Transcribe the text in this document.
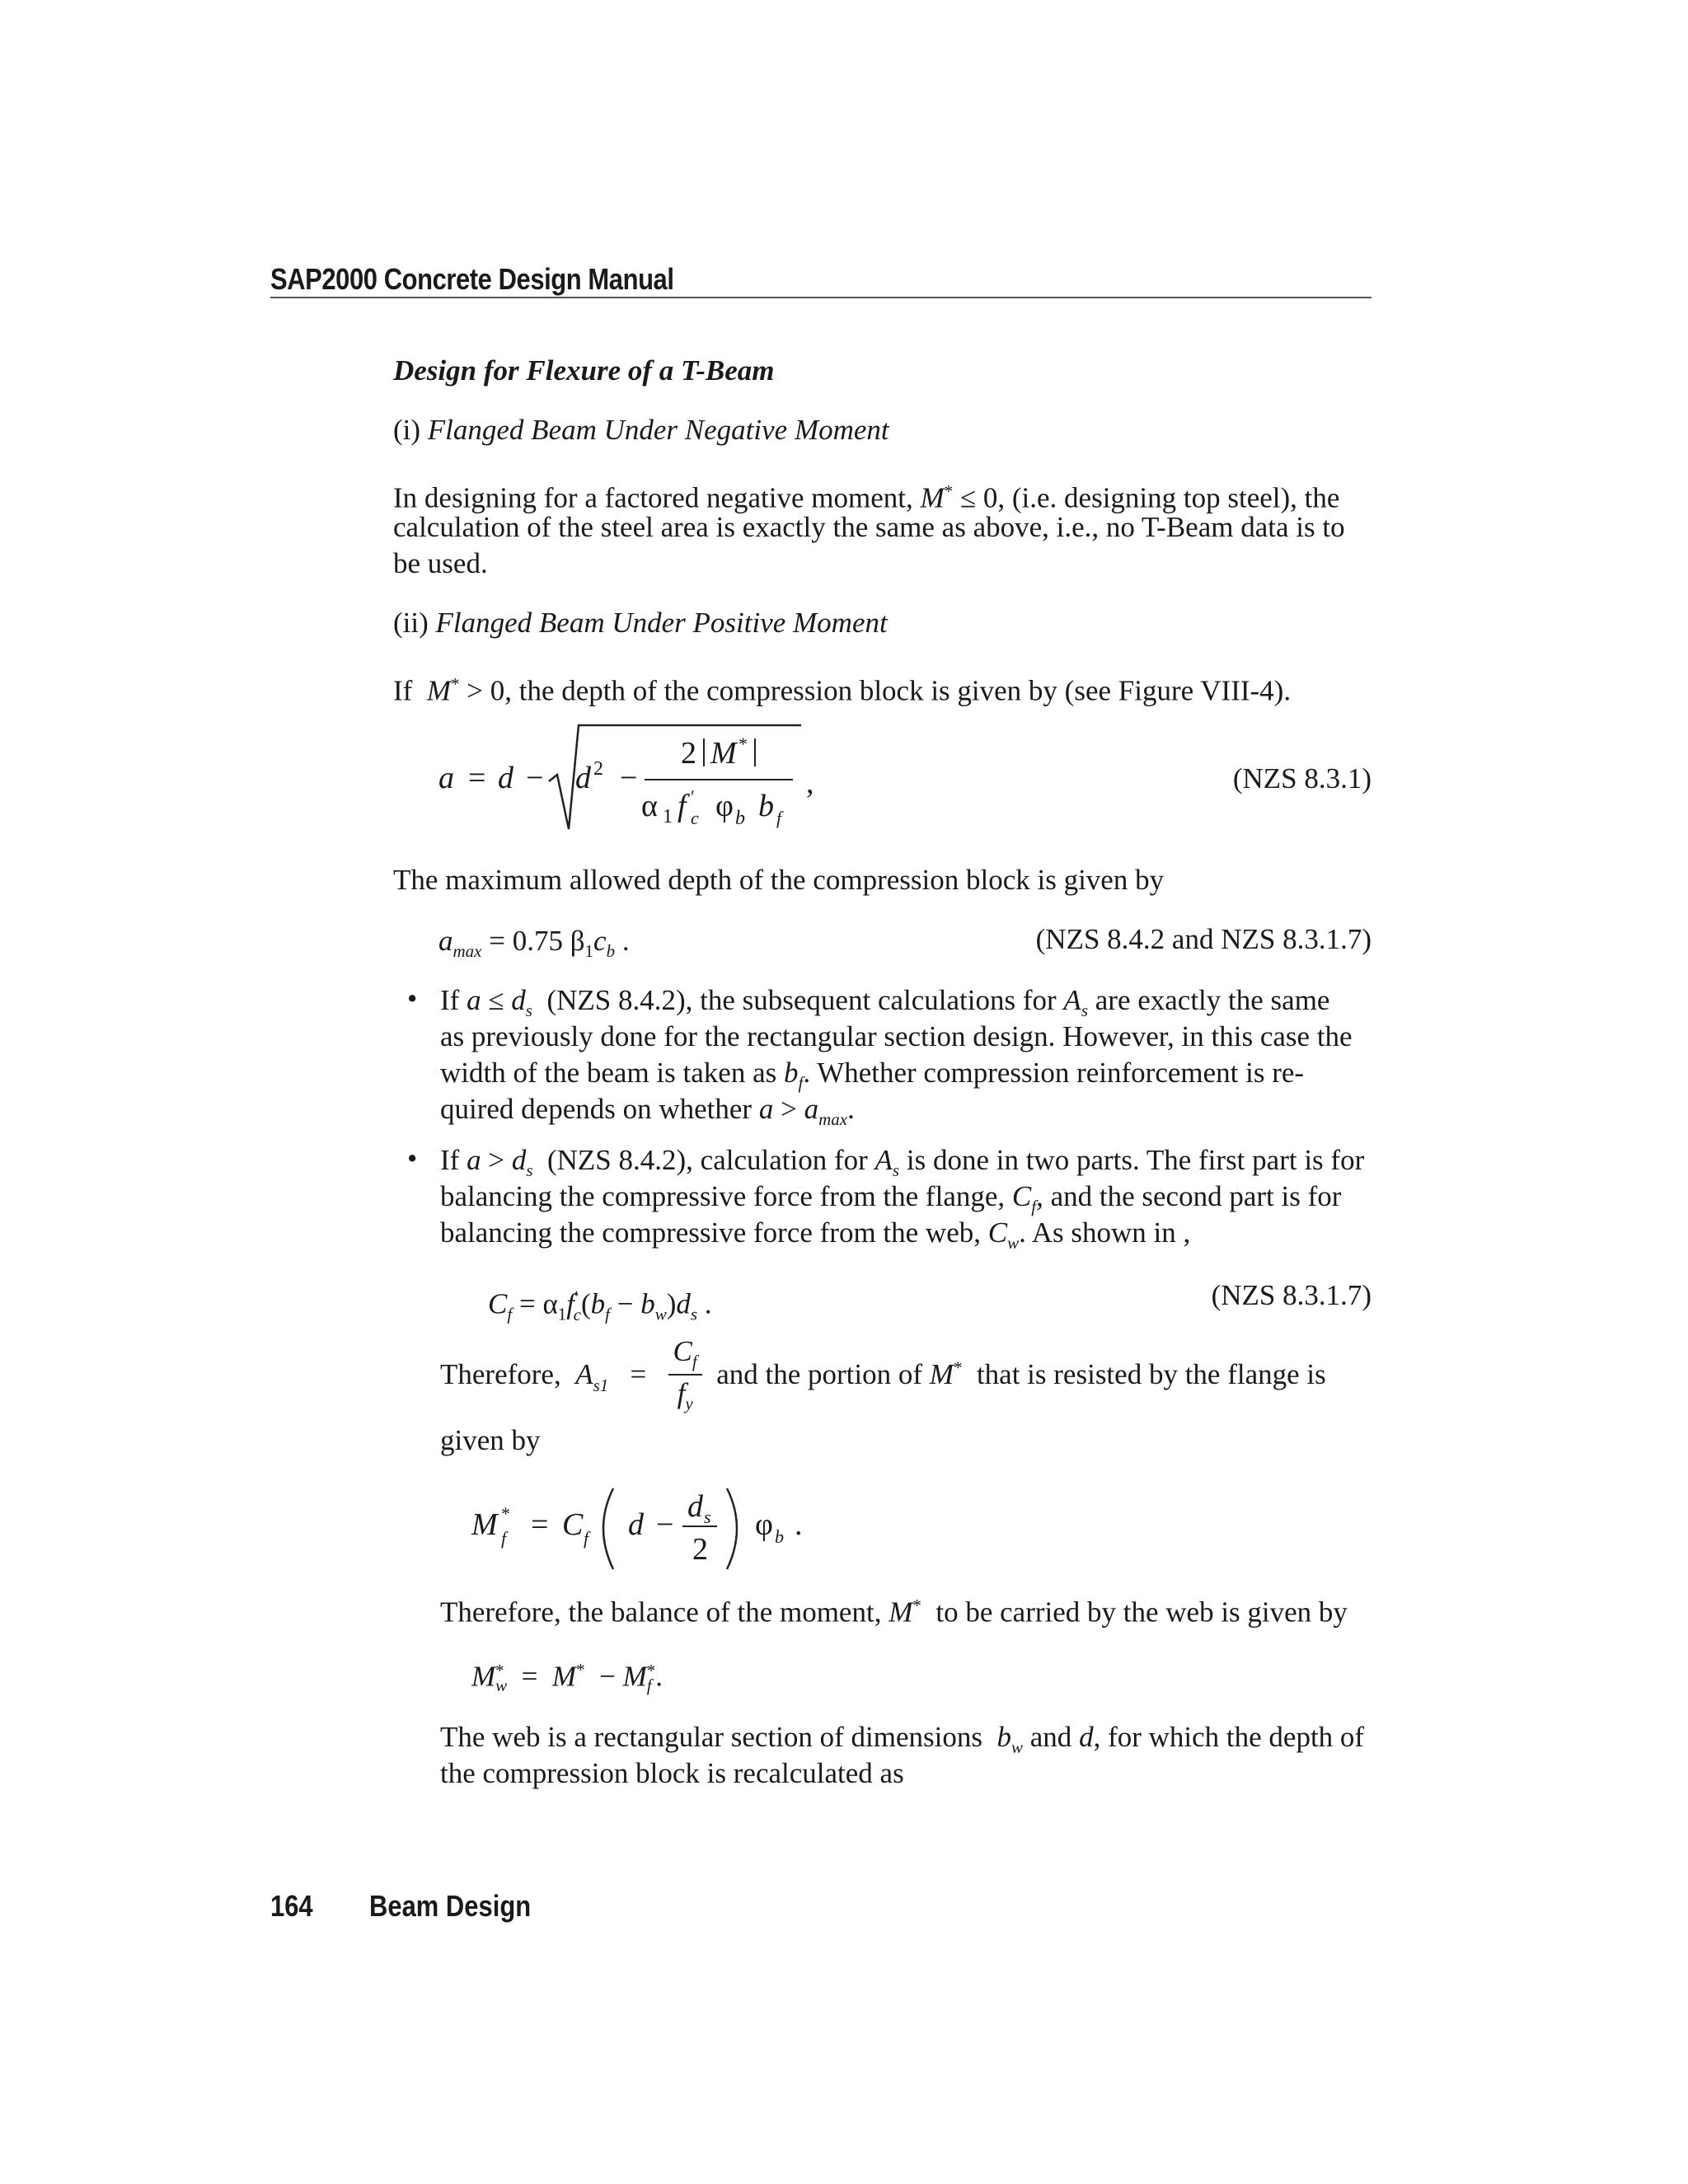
SAP2000 Concrete Design Manual
Design for Flexure of a T-Beam
(i) Flanged Beam Under Negative Moment
In designing for a factored negative moment, M* ≤ 0, (i.e. designing top steel), the
calculation of the steel area is exactly the same as above, i.e., no T-Beam data is to
be used.
(ii) Flanged Beam Under Positive Moment
If M* > 0, the depth of the compression block is given by (see Figure VIII-4).
a = d − d 2 −
2 M *
α 1 f ′
c φ b b f
,	(NZS 8.3.1)
The maximum allowed depth of the compression block is given by
$a_{max} = 0.75$ $\beta_1c_b$ .	(NZS 8.4.2 and NZS 8.3.1.7)
• If $a \le d_s$ (NZS 8.4.2), the subsequent calculations for $A_s$ are exactly the same
as previously done for the rectangular section design. However, in this case the
width of the beam is taken as $b_f$. Whether compression reinforcement is re-
quired depends on whether $a > a_{max}$.
• If $a > d_s$ (NZS 8.4.2), calculation for $A_s$ is done in two parts. The first part is for
balancing the compressive force from the flange, $C_f$, and the second part is for
balancing the compressive force from the web, $C_w$. As shown in ,
$C_f = \alpha_1f'_c(b_f - b_w)d_s$ .	(NZS 8.3.1.7)
Therefore, $A_{s1} = \frac{C_f}{f_y}$ and the portion of M* that is resisted by the flange is
given by
M *
f = C f d −
d s
2
φ b .
Therefore, the balance of the moment, M* to be carried by the web is given by
M *
w =  M*  − M *
f .
The web is a rectangular section of dimensions $b_w$ and d, for which the depth of
the compression block is recalculated as
164 Beam Design
